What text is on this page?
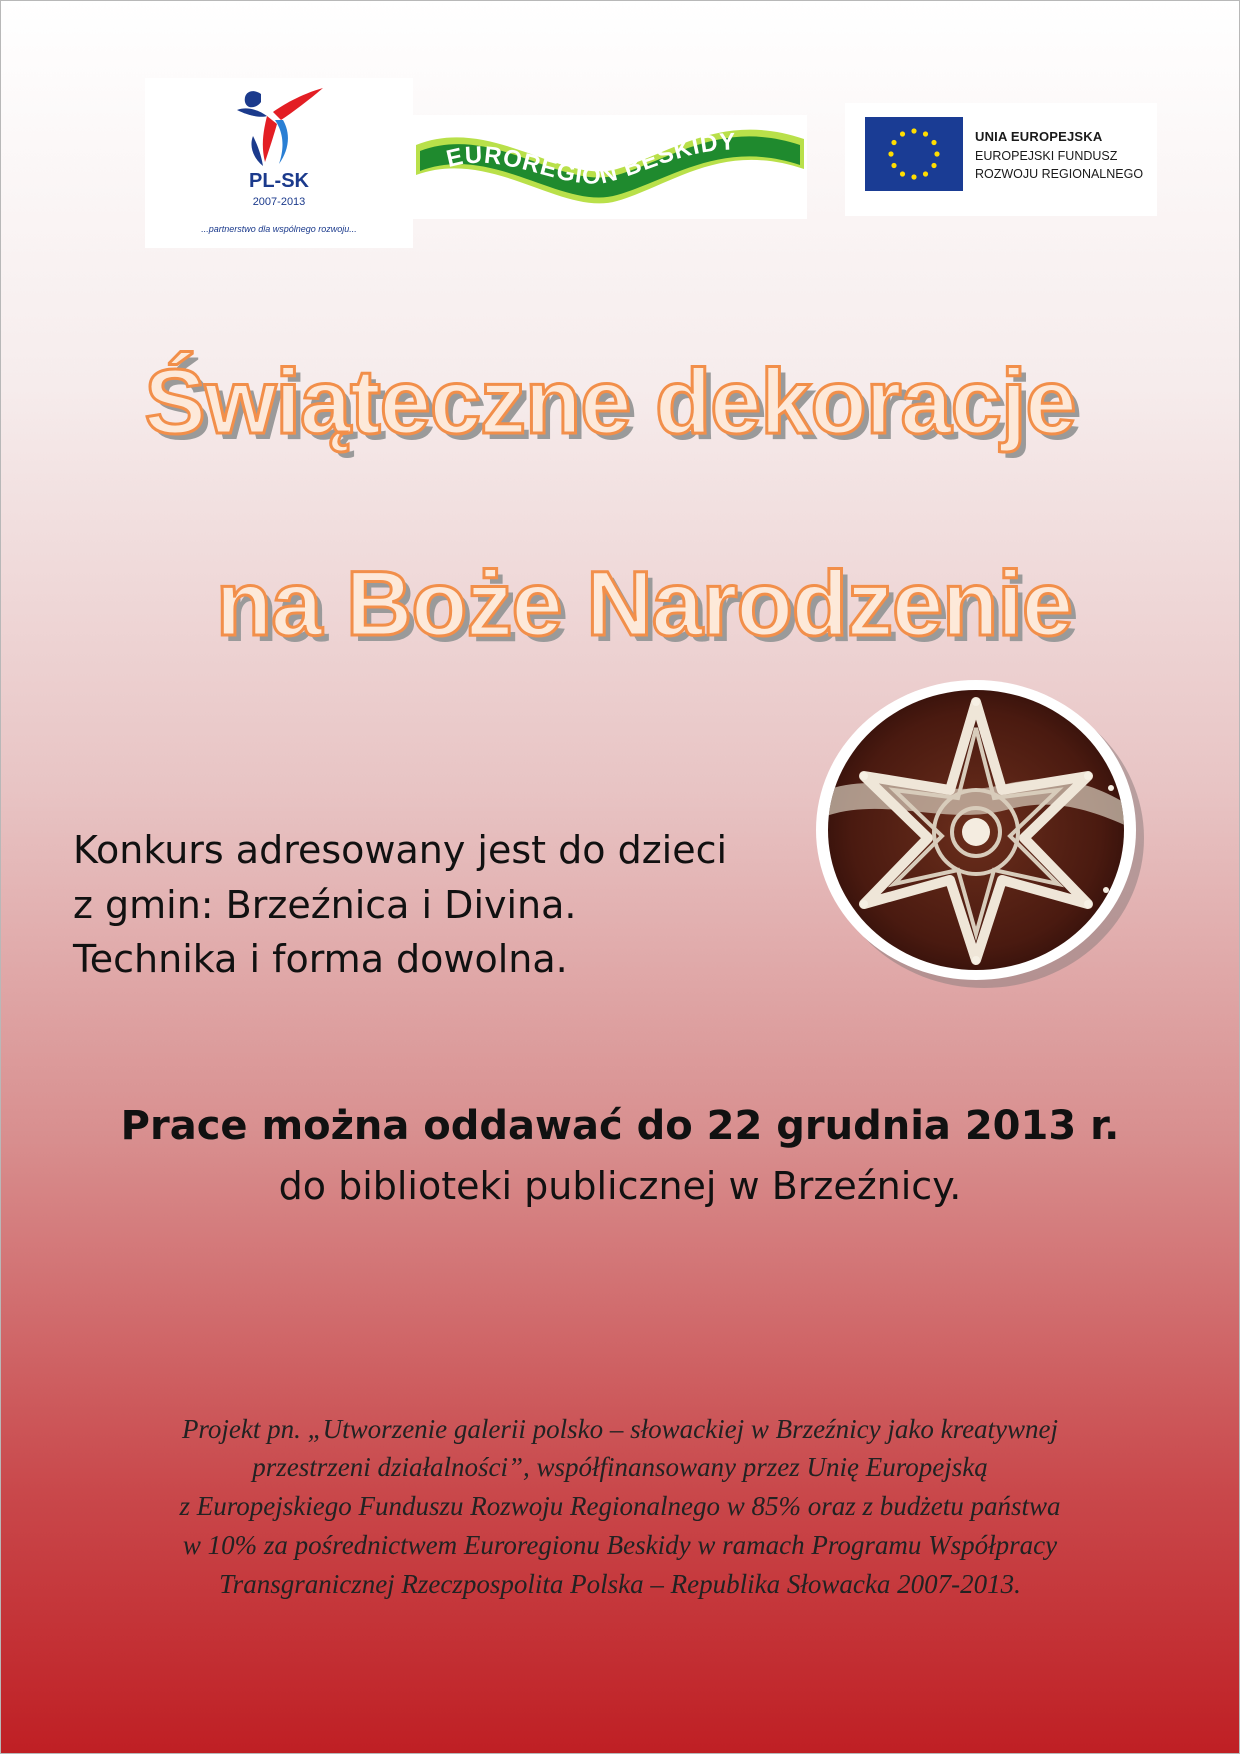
PL-SK
2007-2013
...partnerstwo dla wspólnego rozwoju...
EUROREGION BESKIDY	UNIA EUROPEJSKA
EUROPEJSKI FUNDUSZ
ROZWOJU REGIONALNEGO
Świąteczne dekoracje
na Boże Narodzenie
Konkurs adresowany jest do dzieci
z gmin: Brzeźnica i Divina.
Technika i forma dowolna.
Prace można oddawać do 22 grudnia 2013 r.
do biblioteki publicznej w Brzeźnicy.
Projekt pn. „Utworzenie galerii polsko – słowackiej w Brzeźnicy jako kreatywnej
przestrzeni działalności”, współfinansowany przez Unię Europejską
z Europejskiego Funduszu Rozwoju Regionalnego w 85% oraz z budżetu państwa
w 10% za pośrednictwem Euroregionu Beskidy w ramach Programu Współpracy
Transgranicznej Rzeczpospolita Polska – Republika Słowacka 2007-2013.
